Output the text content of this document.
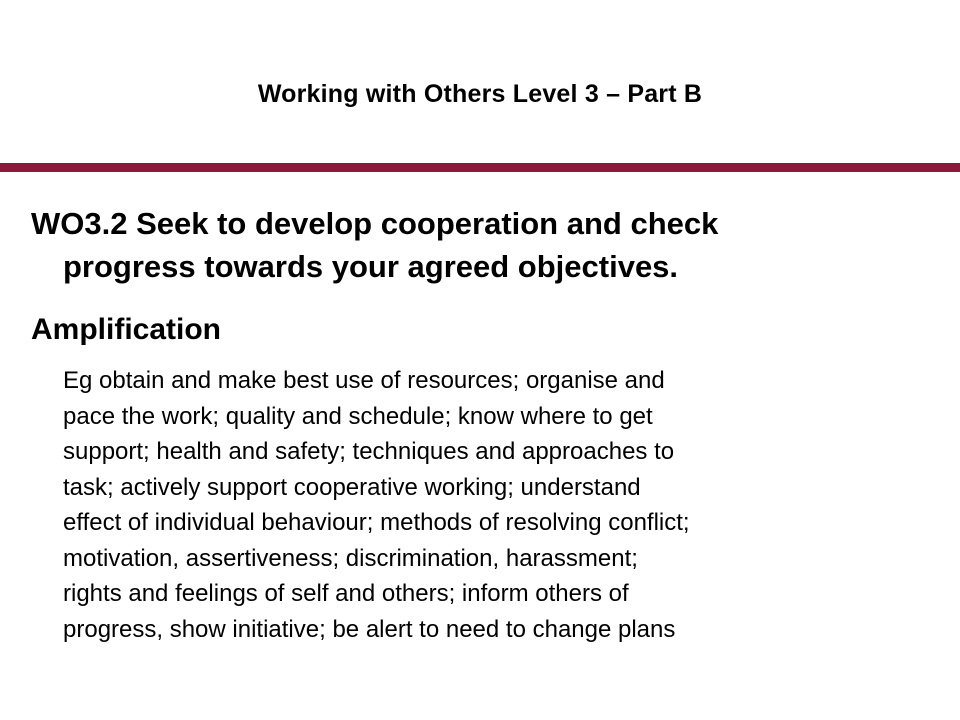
Working with Others Level 3 – Part B
WO3.2 Seek to develop cooperation and check
progress towards your agreed objectives.
Amplification
Eg obtain and make best use of resources; organise and
pace the work; quality and schedule; know where to get
support; health and safety; techniques and approaches to
task; actively support cooperative working; understand
effect of individual behaviour; methods of resolving conflict;
motivation, assertiveness; discrimination, harassment;
rights and feelings of self and others; inform others of
progress, show initiative; be alert to need to change plans
